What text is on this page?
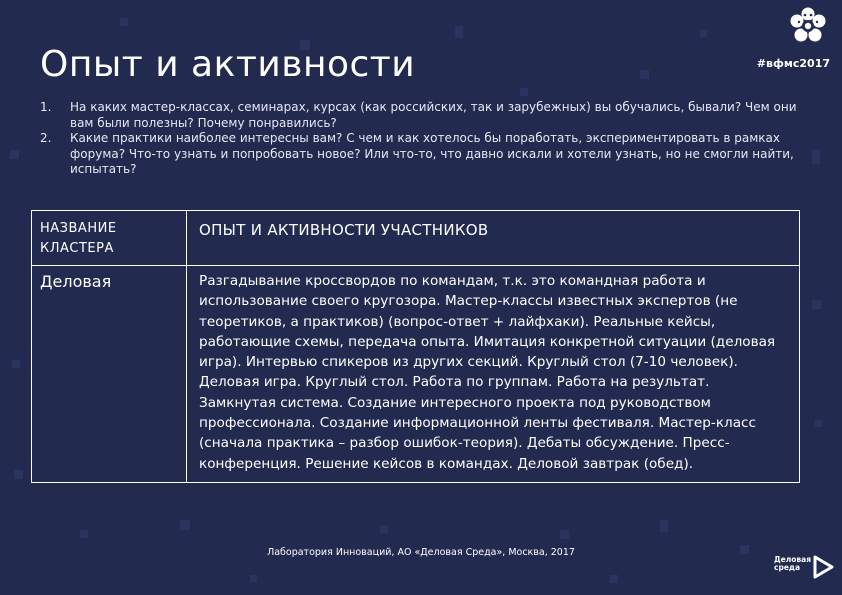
Опыт и активности	#вфмс2017
1.	На каких мастер-классах, семинарах, курсах (как российских, так и зарубежных) вы обучались, бывали? Чем они вам были полезны? Почему понравились?
2.	Какие практики наиболее интересны вам? С чем и как хотелось бы поработать, экспериментировать в рамках форума? Что-то узнать и попробовать новое? Или что-то, что давно искали и хотели узнать, но не смогли найти, испытать?
НАЗВАНИЕ КЛАСТЕРА	ОПЫТ И АКТИВНОСТИ УЧАСТНИКОВ
Деловая	Разгадывание кроссвордов по командам, т.к. это командная работа и использование своего кругозора. Мастер-классы известных экспертов (не теоретиков, а практиков) (вопрос-ответ + лайфхаки). Реальные кейсы, работающие схемы, передача опыта. Имитация конкретной ситуации (деловая игра). Интервью спикеров из других секций. Круглый стол (7-10 человек). Деловая игра. Круглый стол. Работа по группам. Работа на результат. Замкнутая система. Создание интересного проекта под руководством профессионала. Создание информационной ленты фестиваля. Мастер-класс (сначала практика – разбор ошибок-теория). Дебаты обсуждение. Пресс-конференция. Решение кейсов в командах. Деловой завтрак (обед).
Лаборатория Инноваций, АО «Деловая Среда», Москва, 2017
Деловая
среда
